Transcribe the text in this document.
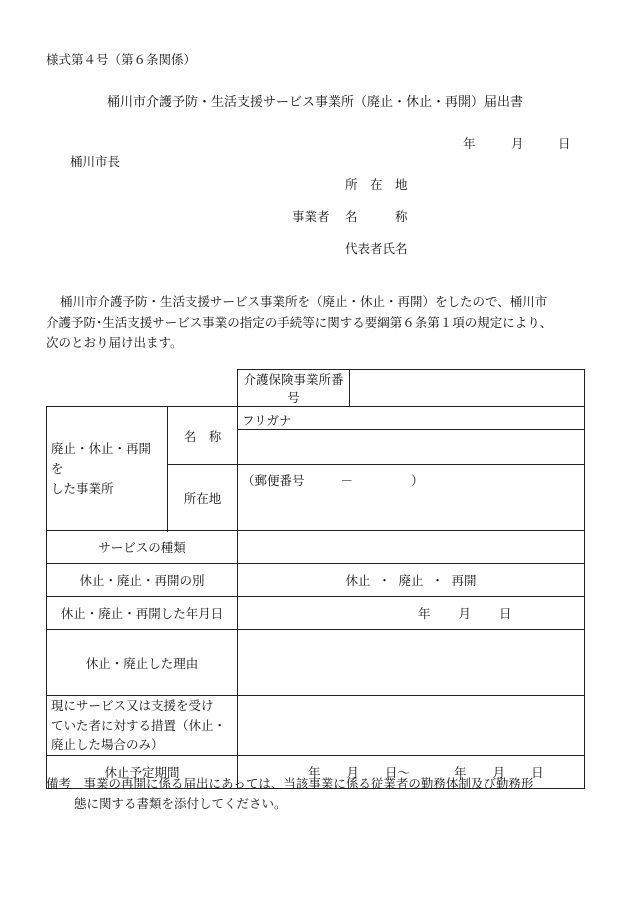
様式第４号（第６条関係）
桶川市介護予防・生活支援サービス事業所（廃止・休止・再開）届出書
年	月	日
桶川市長
所　在　地
事業者 名　　　称
代表者氏名

桶川市介護予防・生活支援サービス事業所を（廃止・休止・再開）をしたので、桶川市

介護予防･生活支援サービス事業の指定の手続等に関する要綱第６条第１項の規定により、

次のとおり届け出ます。

		介護保険事業所番号	
廃止・休止・再開を
した事業所	名　称	フリガナ	

	所在地	（郵便番号 － ）	

サービスの種類			
休止・廃止・再開の別		休止 ・ 廃止 ・ 再開	
休止・廃止・再開した年月日		年 月 日	
休止・廃止した理由			
現にサービス又は支援を受け
ていた者に対する措置（休止・
廃止した場合のみ）			
休止予定期間		年 月 日～ 年 月 日	
備考　事業の再開に係る届出にあっては、当該事業に係る従業者の勤務体制及び勤務形
態に関する書類を添付してください。
